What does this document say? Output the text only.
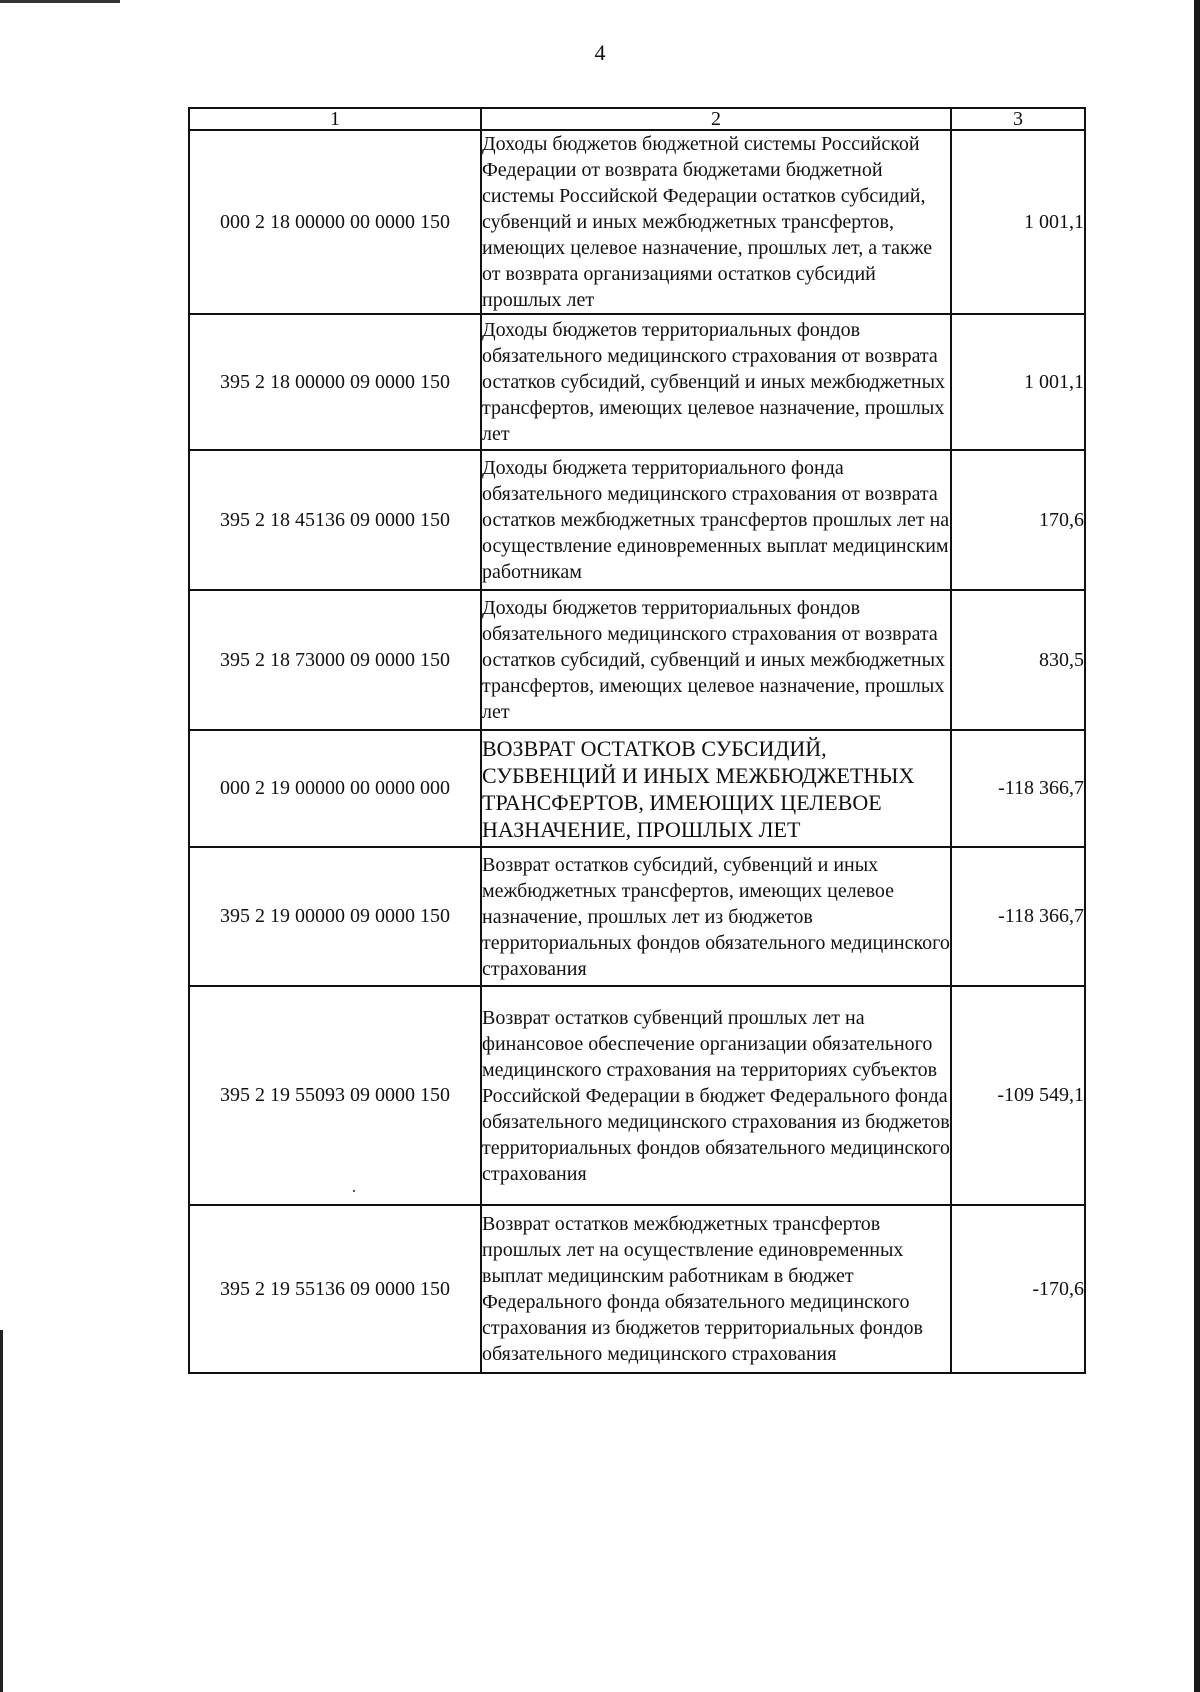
4
1	2	3
000 2 18 00000 00 0000 150	Доходы бюджетов бюджетной системы Российской Федерации от возврата бюджетами бюджетной системы Российской Федерации остатков субсидий, субвенций и иных межбюджетных трансфертов, имеющих целевое назначение, прошлых лет, а также от возврата организациями остатков субсидий прошлых лет	1 001,1
395 2 18 00000 09 0000 150	Доходы бюджетов территориальных фондов обязательного медицинского страхования от возврата остатков субсидий, субвенций и иных межбюджетных трансфертов, имеющих целевое назначение, прошлых лет	1 001,1
395 2 18 45136 09 0000 150	Доходы бюджета территориального фонда обязательного медицинского страхования от возврата остатков межбюджетных трансфертов прошлых лет на осуществление единовременных выплат медицинским работникам	170,6
395 2 18 73000 09 0000 150	Доходы бюджетов территориальных фондов обязательного медицинского страхования от возврата остатков субсидий, субвенций и иных межбюджетных трансфертов, имеющих целевое назначение, прошлых лет	830,5
000 2 19 00000 00 0000 000	ВОЗВРАТ ОСТАТКОВ СУБСИДИЙ, СУБВЕНЦИЙ И ИНЫХ МЕЖБЮДЖЕТНЫХ ТРАНСФЕРТОВ, ИМЕЮЩИХ ЦЕЛЕВОЕ НАЗНАЧЕНИЕ, ПРОШЛЫХ ЛЕТ	-118 366,7
395 2 19 00000 09 0000 150	Возврат остатков субсидий, субвенций и иных межбюджетных трансфертов, имеющих целевое назначение, прошлых лет из бюджетов территориальных фондов обязательного медицинского страхования	-118 366,7
395 2 19 55093 09 0000 150	Возврат остатков субвенций прошлых лет на финансовое обеспечение организации обязательного медицинского страхования на территориях субъектов Российской Федерации в бюджет Федерального фонда обязательного медицинского страхования из бюджетов территориальных фондов обязательного медицинского страхования	-109 549,1
395 2 19 55136 09 0000 150	Возврат остатков межбюджетных трансфертов прошлых лет на осуществление единовременных выплат медицинским работникам в бюджет Федерального фонда обязательного медицинского страхования из бюджетов территориальных фондов обязательного медицинского страхования	-170,6
